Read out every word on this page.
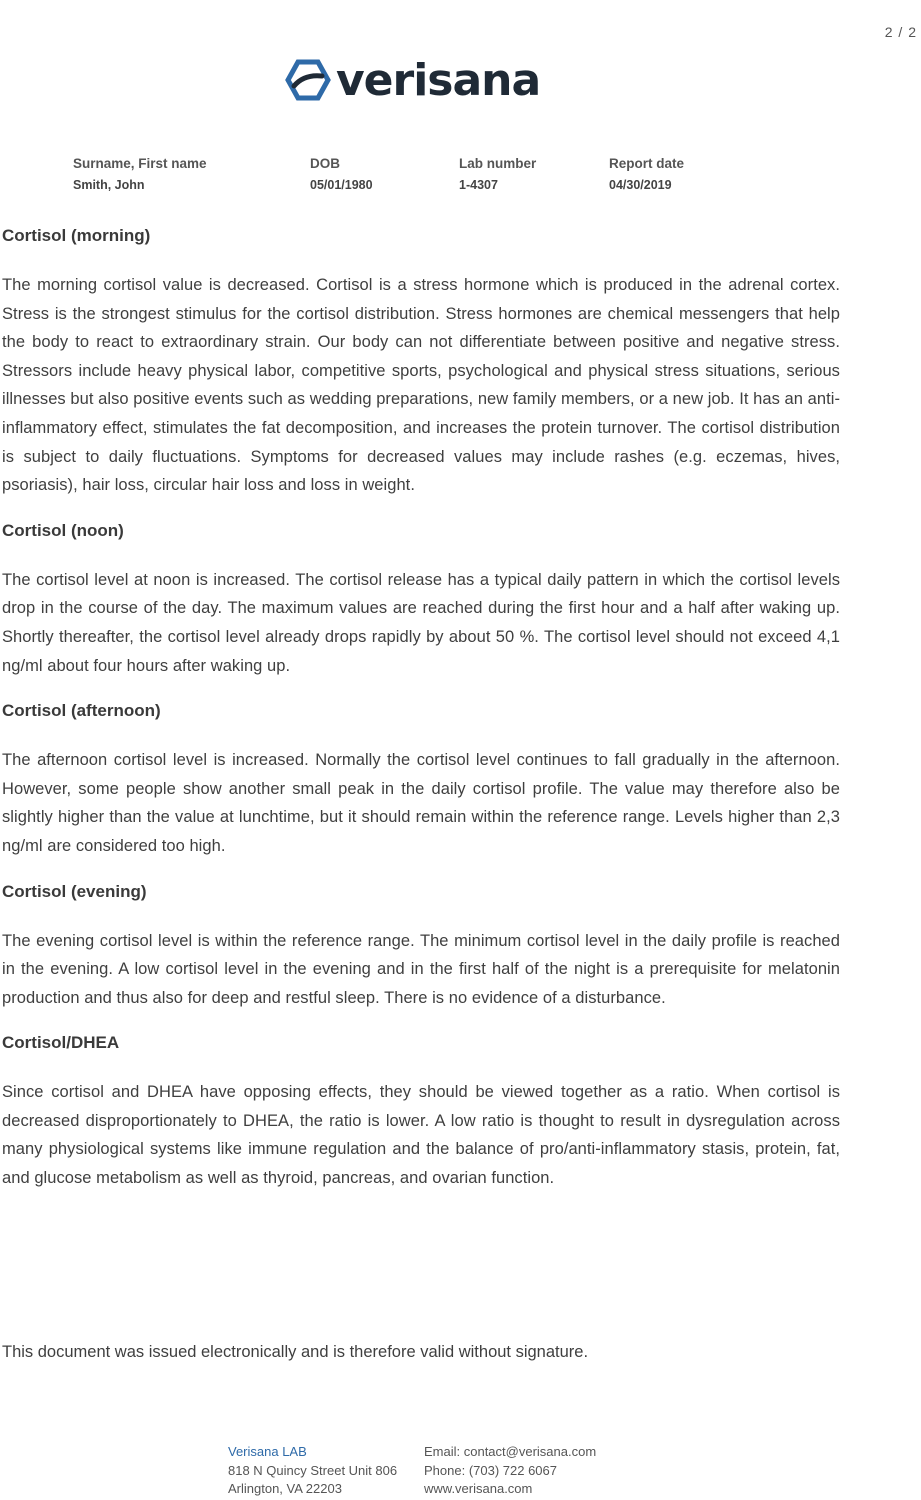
2 / 2
verisana
Surname, First name
Smith, John
DOB
05/01/1980
Lab number
1-4307
Report date
04/30/2019
Cortisol (morning)

The morning cortisol value is decreased. Cortisol is a stress hormone which is produced in the adrenal cortex. Stress is the strongest stimulus for the cortisol distribution. Stress hormones are chemical messengers that help the body to react to extraordinary strain. Our body can not differentiate between positive and negative stress. Stressors include heavy physical labor, competitive sports, psychological and physical stress situations, serious illnesses but also positive events such as wedding preparations, new family members, or a new job. It has an anti-inflammatory effect, stimulates the fat decomposition, and increases the protein turnover. The cortisol distribution is subject to daily fluctuations. Symptoms for decreased values may include rashes (e.g. eczemas, hives, psoriasis), hair loss, circular hair loss and loss in weight.

Cortisol (noon)

The cortisol level at noon is increased. The cortisol release has a typical daily pattern in which the cortisol levels drop in the course of the day. The maximum values are reached during the first hour and a half after waking up. Shortly thereafter, the cortisol level already drops rapidly by about 50 %. The cortisol level should not exceed 4,1 ng/ml about four hours after waking up.

Cortisol (afternoon)

The afternoon cortisol level is increased. Normally the cortisol level continues to fall gradually in the afternoon. However, some people show another small peak in the daily cortisol profile. The value may therefore also be slightly higher than the value at lunchtime, but it should remain within the reference range. Levels higher than 2,3 ng/ml are considered too high.

Cortisol (evening)

The evening cortisol level is within the reference range. The minimum cortisol level in the daily profile is reached in the evening. A low cortisol level in the evening and in the first half of the night is a prerequisite for melatonin production and thus also for deep and restful sleep. There is no evidence of a disturbance.

Cortisol/DHEA

Since cortisol and DHEA have opposing effects, they should be viewed together as a ratio. When cortisol is decreased disproportionately to DHEA, the ratio is lower. A low ratio is thought to result in dysregulation across many physiological systems like immune regulation and the balance of pro/anti-inflammatory stasis, protein, fat, and glucose metabolism as well as thyroid, pancreas, and ovarian function.

This document was issued electronically and is therefore valid without signature.
Verisana LAB
818 N Quincy Street Unit 806
Arlington, VA 22203
Email: contact@verisana.com
Phone: (703) 722 6067
www.verisana.com
